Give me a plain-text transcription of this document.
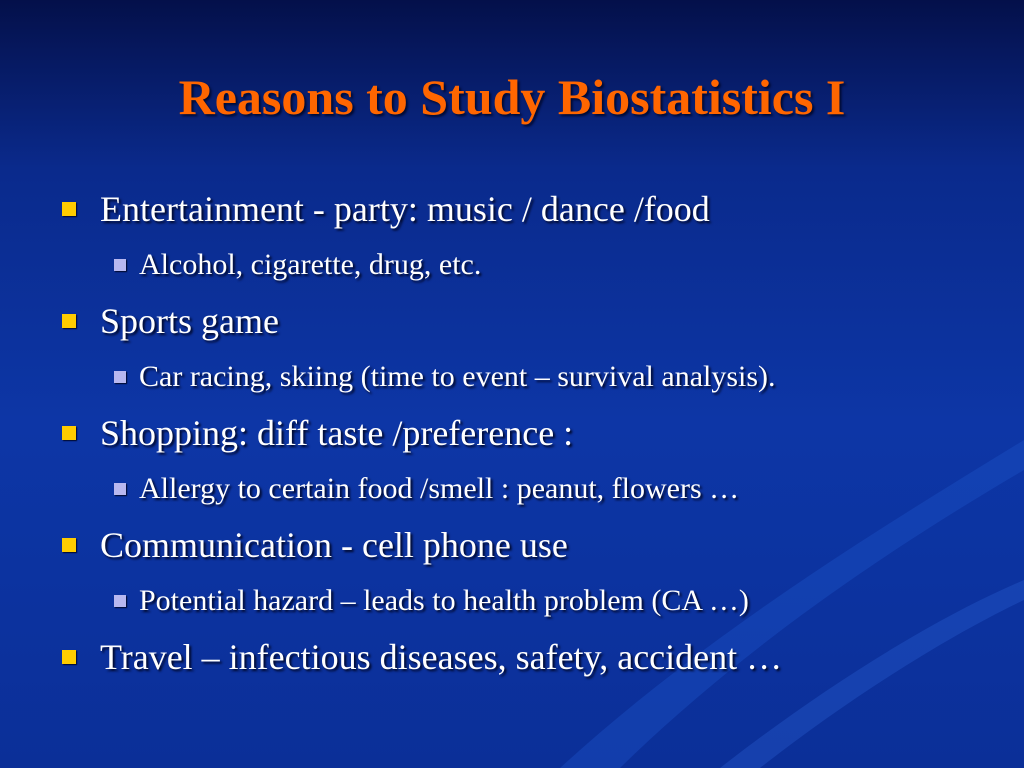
Reasons to Study Biostatistics I
Entertainment - party: music / dance /food
Alcohol, cigarette, drug, etc.
Sports game
Car racing, skiing (time to event – survival analysis).
Shopping: diff taste /preference :
Allergy to certain food /smell : peanut, flowers …
Communication - cell phone use
Potential hazard – leads to health problem (CA …)
Travel – infectious diseases, safety, accident …
